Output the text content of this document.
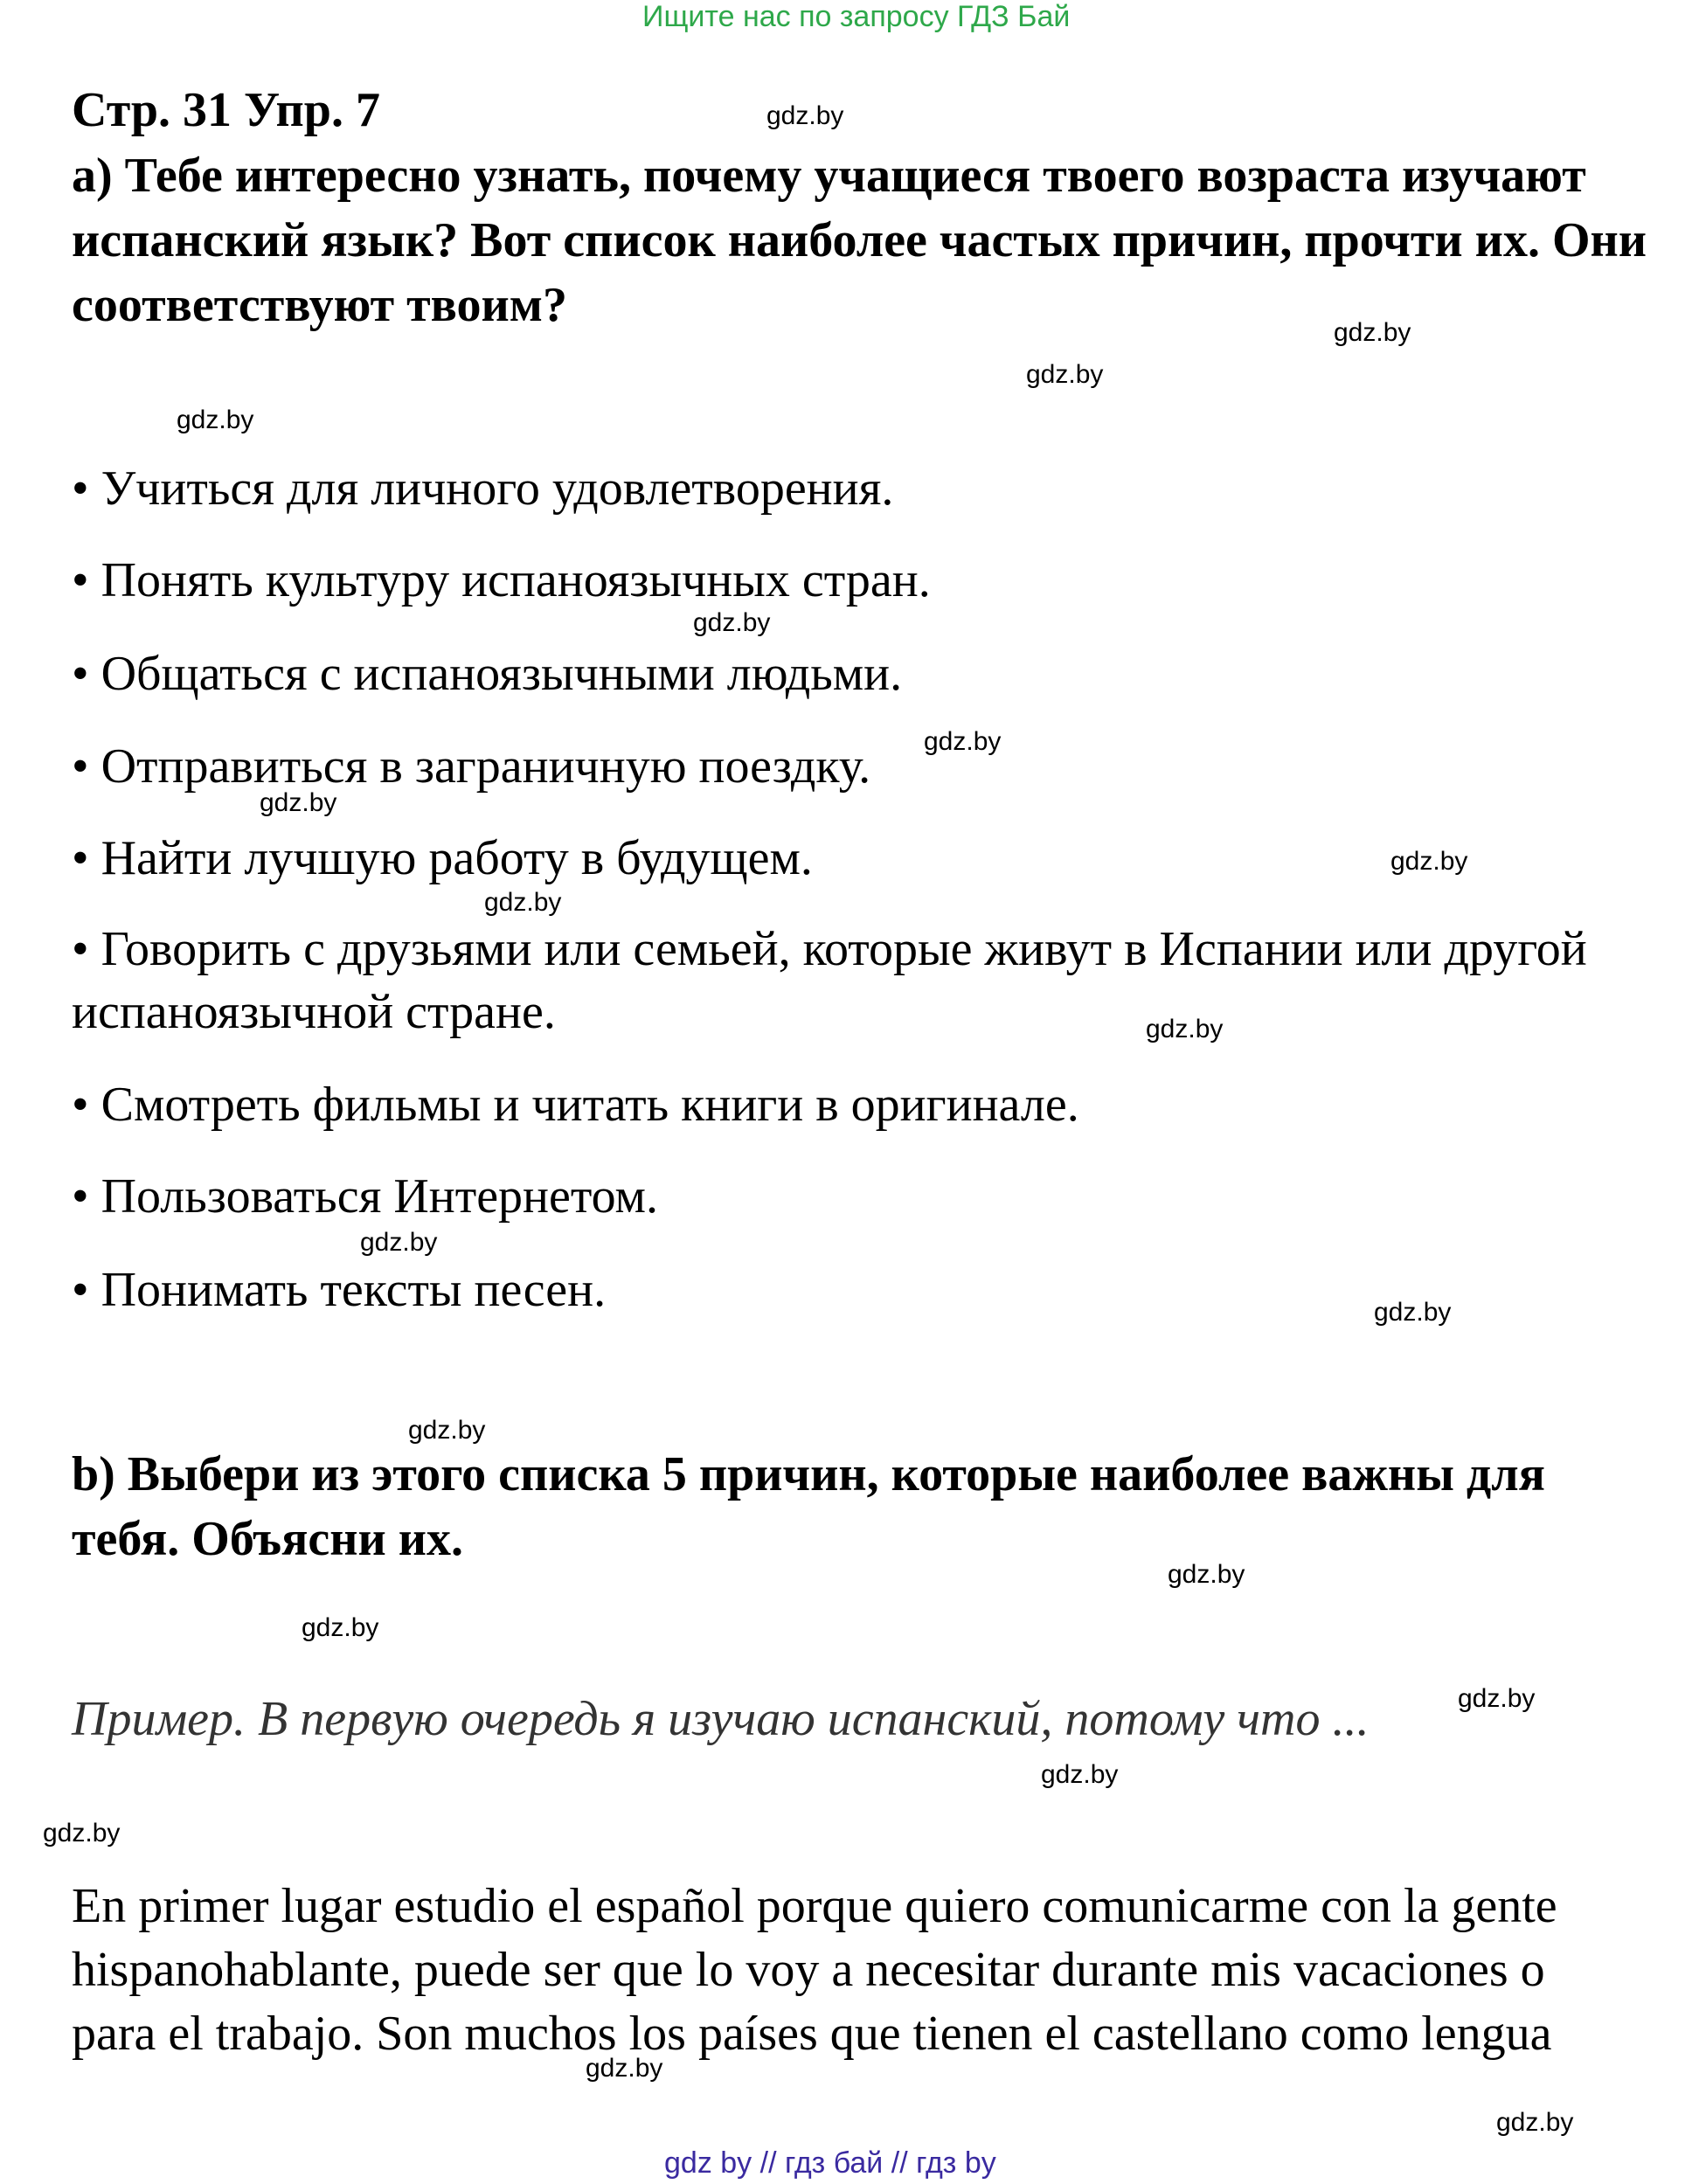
Ищите нас по запросу ГДЗ Бай
Стр. 31 Упр. 7
a) Тебе интересно узнать, почему учащиеся твоего возраста изучают испанский язык? Вот список наиболее частых причин, прочти их. Они соответствуют твоим?
• Учиться для личного удовлетворения.
• Понять культуру испаноязычных стран.
• Общаться с испаноязычными людьми.
• Отправиться в заграничную поездку.
• Найти лучшую работу в будущем.
• Говорить с друзьями или семьей, которые живут в Испании или другой испаноязычной стране.
• Смотреть фильмы и читать книги в оригинале.
• Пользоваться Интернетом.
• Понимать тексты песен.
b) Выбери из этого списка 5 причин, которые наиболее важны для тебя. Объясни их.
Пример. В первую очередь я изучаю испанский, потому что ...
En primer lugar estudio el español porque quiero comunicarme con la gente
hispanohablante, puede ser que lo voy a necesitar durante mis vacaciones o
para el trabajo. Son muchos los países que tienen el castellano como lengua
gdz.by
gdz.by
gdz.by
gdz.by
gdz.by
gdz.by
gdz.by
gdz.by
gdz.by
gdz.by
gdz.by
gdz.by
gdz.by
gdz.by
gdz.by
gdz.by
gdz.by
gdz.by
gdz.by
gdz.by
gdz by // гдз бай // гдз by
